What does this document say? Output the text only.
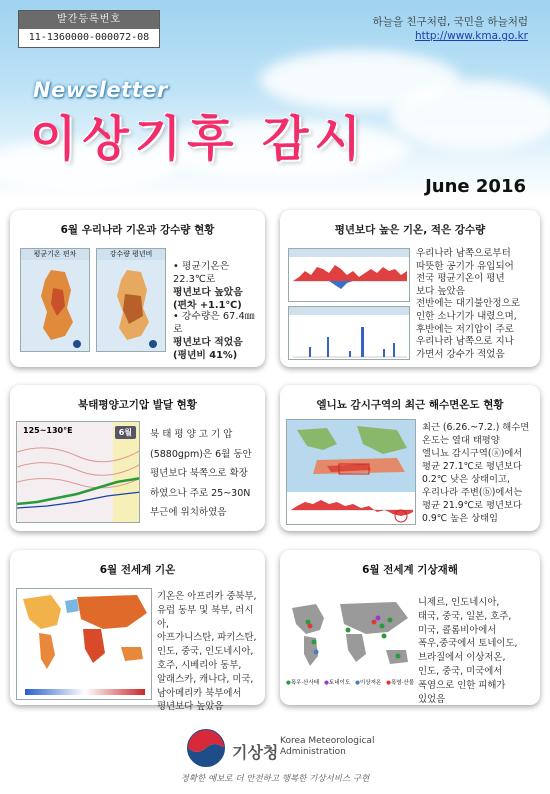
발간등록번호
11-1360000-000072-08
하늘을 친구처럼, 국민을 하늘처럼
http://www.kma.go.kr
Newsletter
이상기후 감시
June 2016
6월 우리나라 기온과 강수량 현황
평균기온 편차	강수량 평년비
• 평균기온은 22.3℃로
평년보다 높았음
(편차 +1.1℃)
• 강수량은 67.4㎜ 로
평년보다 적었음
(평년비 41%)
평년보다 높은 기온, 적은 강수량
우리나라 남쪽으로부터
따뜻한 공기가 유입되어
전국 평균기온이 평년
보다 높았음
전반에는 대기불안정으로
인한 소나기가 내렸으며,
후반에는 저기압이 주로
우리나라 남쪽으로 지나
가면서 강수가 적었음
북태평양고기압 발달 현황
125~130°E	6월	북 태 평 양 고 기 압
(5880gpm)은 6월 동안
평년보다 북쪽으로 확장
하였으나 주로 25~30N
부근에 위치하였음
엘니뇨 감시구역의 최근 해수면온도 현황
최근 (6.26.~7.2.) 해수면
온도는 열대 태평양
엘니뇨 감시구역(ⓐ)에서
평균 27.1℃로 평년보다
0.2℃ 낮은 상태이고,
우리나라 주변(ⓑ)에서는
평균 21.9℃로 평년보다
0.9℃ 높은 상태임
6월 전세계 기온
기온은 아프리카 중북부,
유럽 동부 및 북부, 러시아,
아프가니스탄, 파키스탄,
인도, 중국, 인도네시아,
호주, 시베리아 동부,
알래스카, 캐나다, 미국,
남아메리카 북부에서
평년보다 높았음
6월 전세계 기상재해
●폭우·산사태 ●토네이도 ●이상저온 ●폭염·산불
니제르, 인도네시아,
태국, 중국, 일본, 호주,
미국, 콜롬비아에서
폭우,중국에서 토네이도,
브라질에서 이상저온,
인도, 중국, 미국에서
폭염으로 인한 피해가
있었음
기상청
Korea Meteorological
Administration
정확한 예보로 더 안전하고 행복한 기상서비스 구현
